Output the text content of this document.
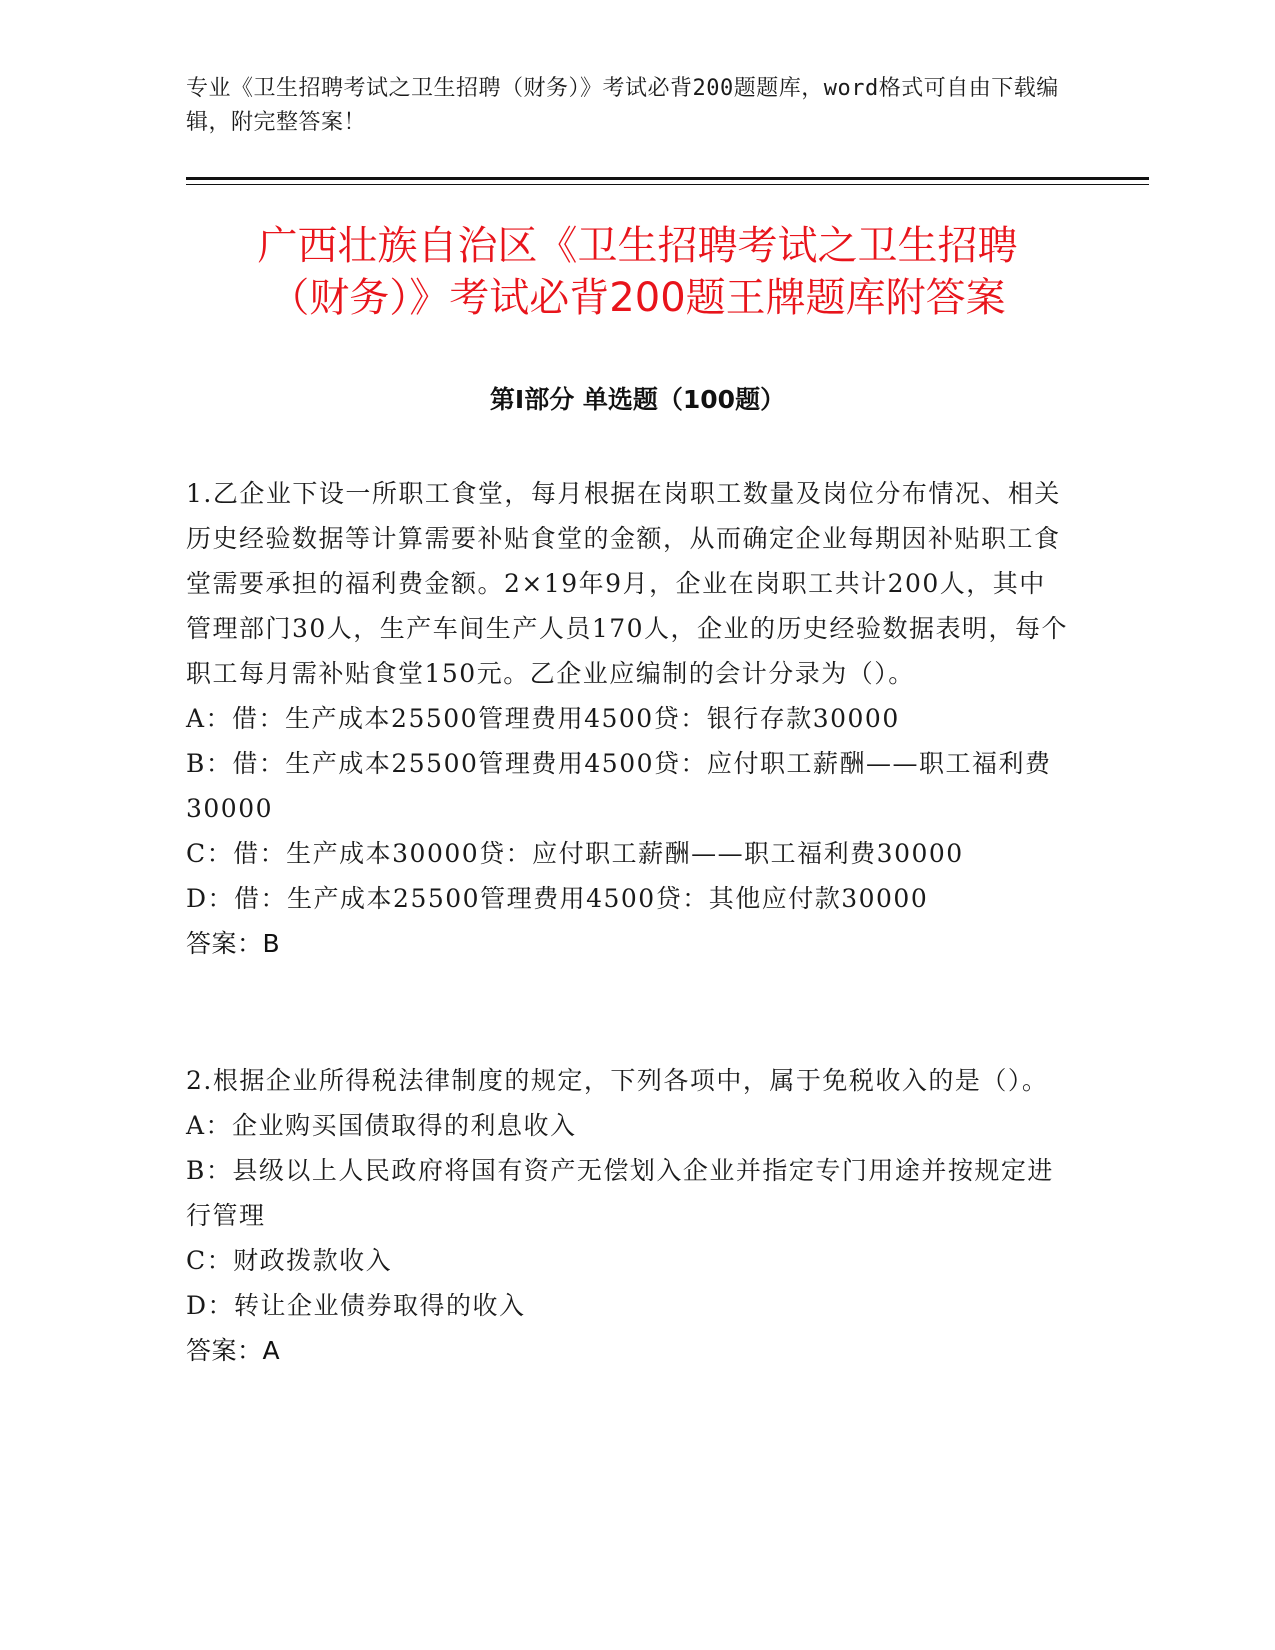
专业《卫生招聘考试之卫生招聘（财务）》考试必背200题题库，word格式可自由下载编辑，附完整答案！
广西壮族自治区《卫生招聘考试之卫生招聘
（财务）》考试必背200题王牌题库附答案
第Ⅰ部分 单选题（100题）

1.乙企业下设一所职工食堂，每月根据在岗职工数量及岗位分布情况、相关历史经验数据等计算需要补贴食堂的金额，从而确定企业每期因补贴职工食堂需要承担的福利费金额。2×19年9月，企业在岗职工共计200人，其中管理部门30人，生产车间生产人员170人，企业的历史经验数据表明，每个职工每月需补贴食堂150元。乙企业应编制的会计分录为（）。

A：借：生产成本25500管理费用4500贷：银行存款30000

B：借：生产成本25500管理费用4500贷：应付职工薪酬——职工福利费30000

C：借：生产成本30000贷：应付职工薪酬——职工福利费30000

D：借：生产成本25500管理费用4500贷：其他应付款30000

答案：B

2.根据企业所得税法律制度的规定，下列各项中，属于免税收入的是（）。

A：企业购买国债取得的利息收入

B：县级以上人民政府将国有资产无偿划入企业并指定专门用途并按规定进行管理

C：财政拨款收入

D：转让企业债券取得的收入

答案：A
